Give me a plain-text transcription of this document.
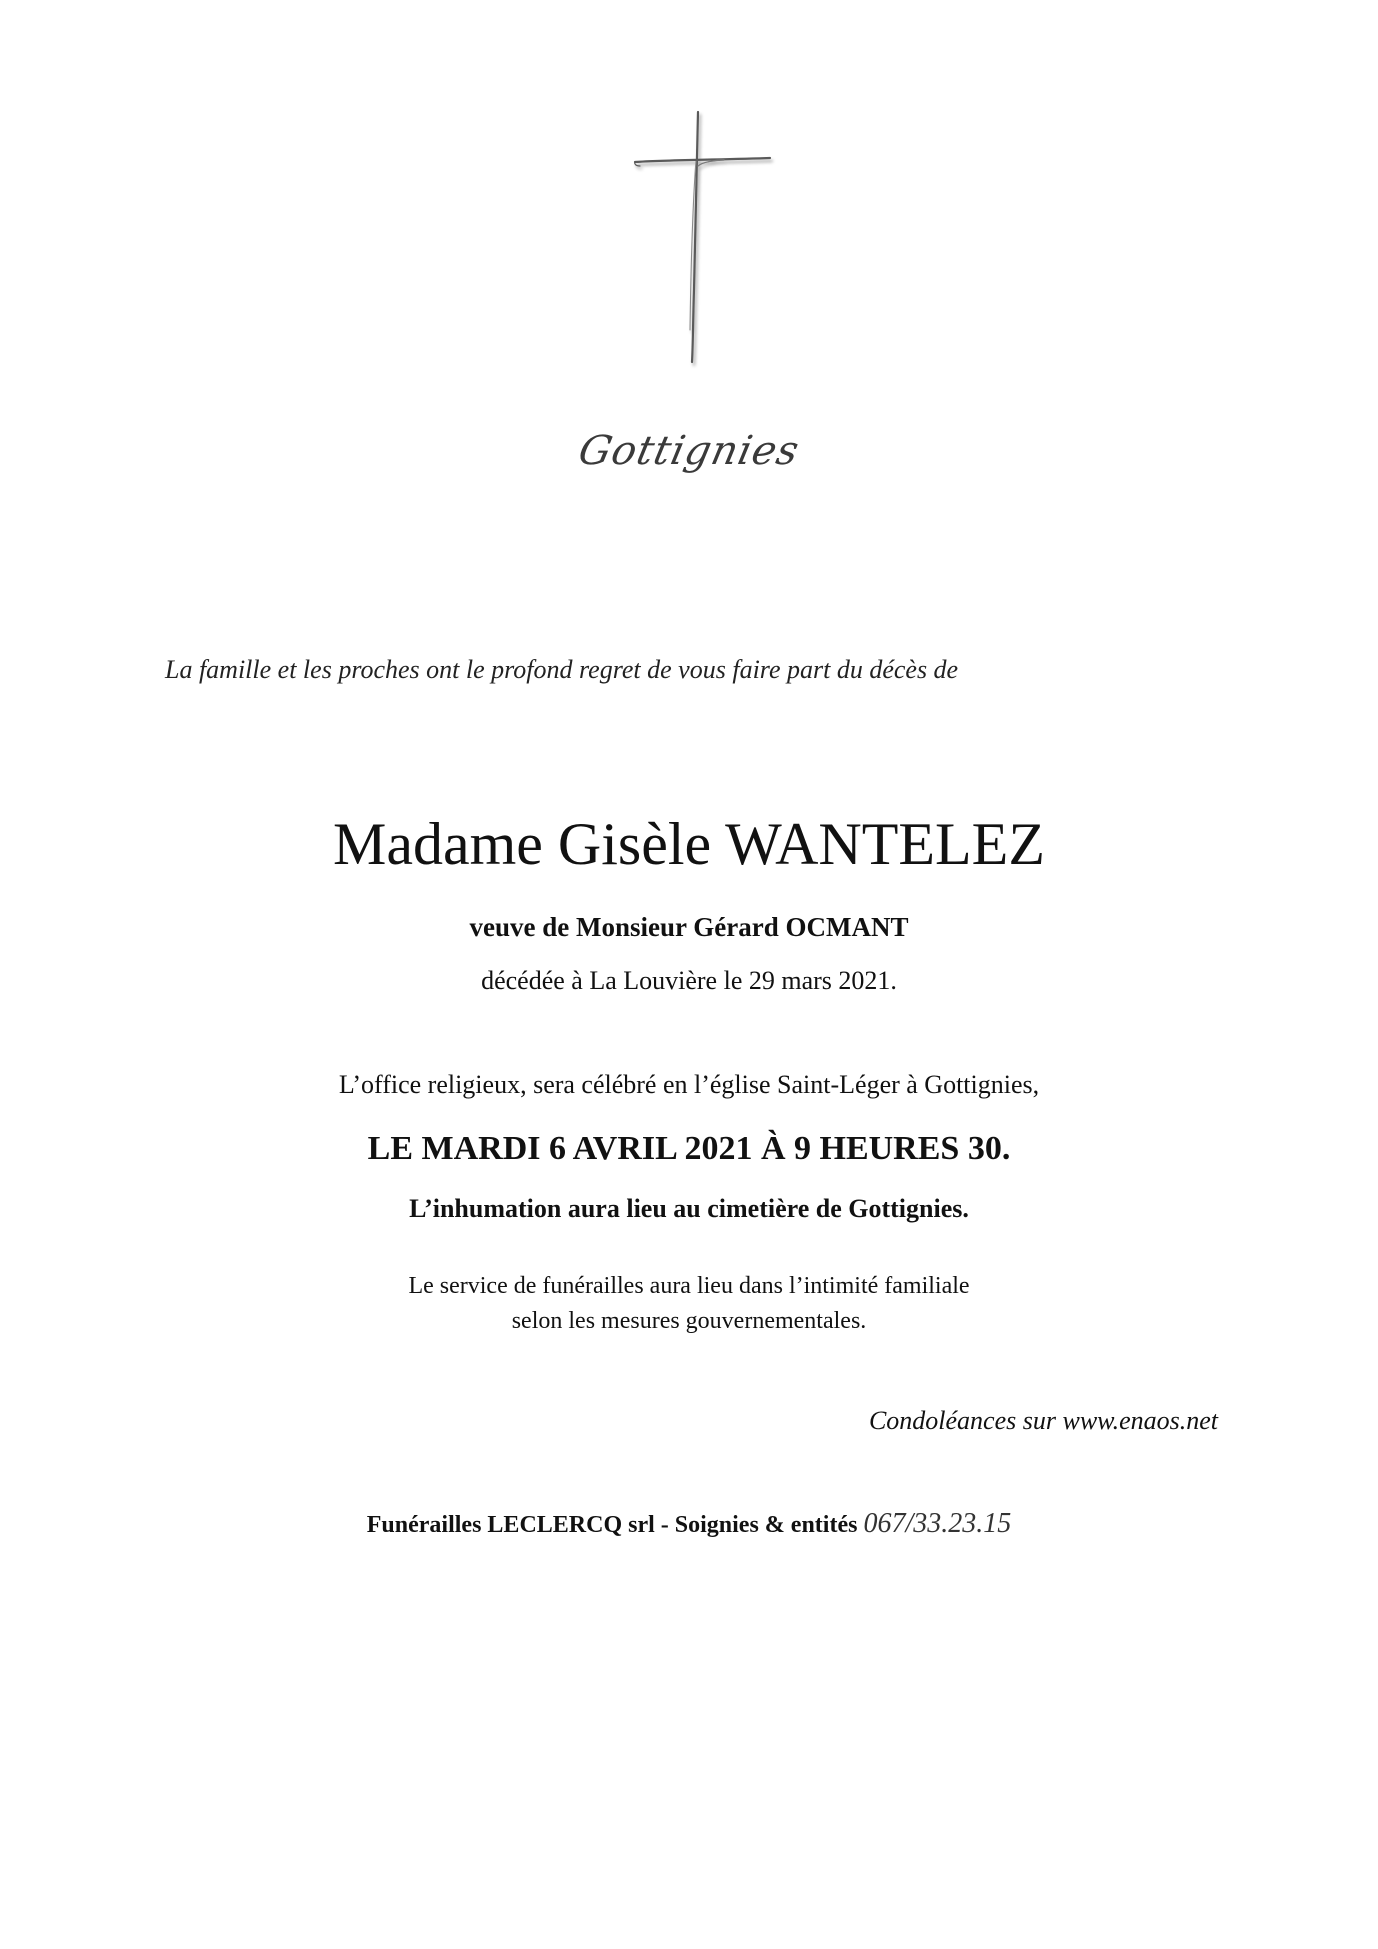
Gottignies
La famille et les proches ont le profond regret de vous faire part du décès de
Madame Gisèle WANTELEZ
veuve de Monsieur Gérard OCMANT
décédée à La Louvière le 29 mars 2021.
L’office religieux, sera célébré en l’église Saint-Léger à Gottignies,
LE MARDI 6 AVRIL 2021 À 9 HEURES 30.
L’inhumation aura lieu au cimetière de Gottignies.
Le service de funérailles aura lieu dans l’intimité familiale
selon les mesures gouvernementales.
Condoléances sur www.enaos.net
Funérailles LECLERCQ srl - Soignies & entités 067/33.23.15
